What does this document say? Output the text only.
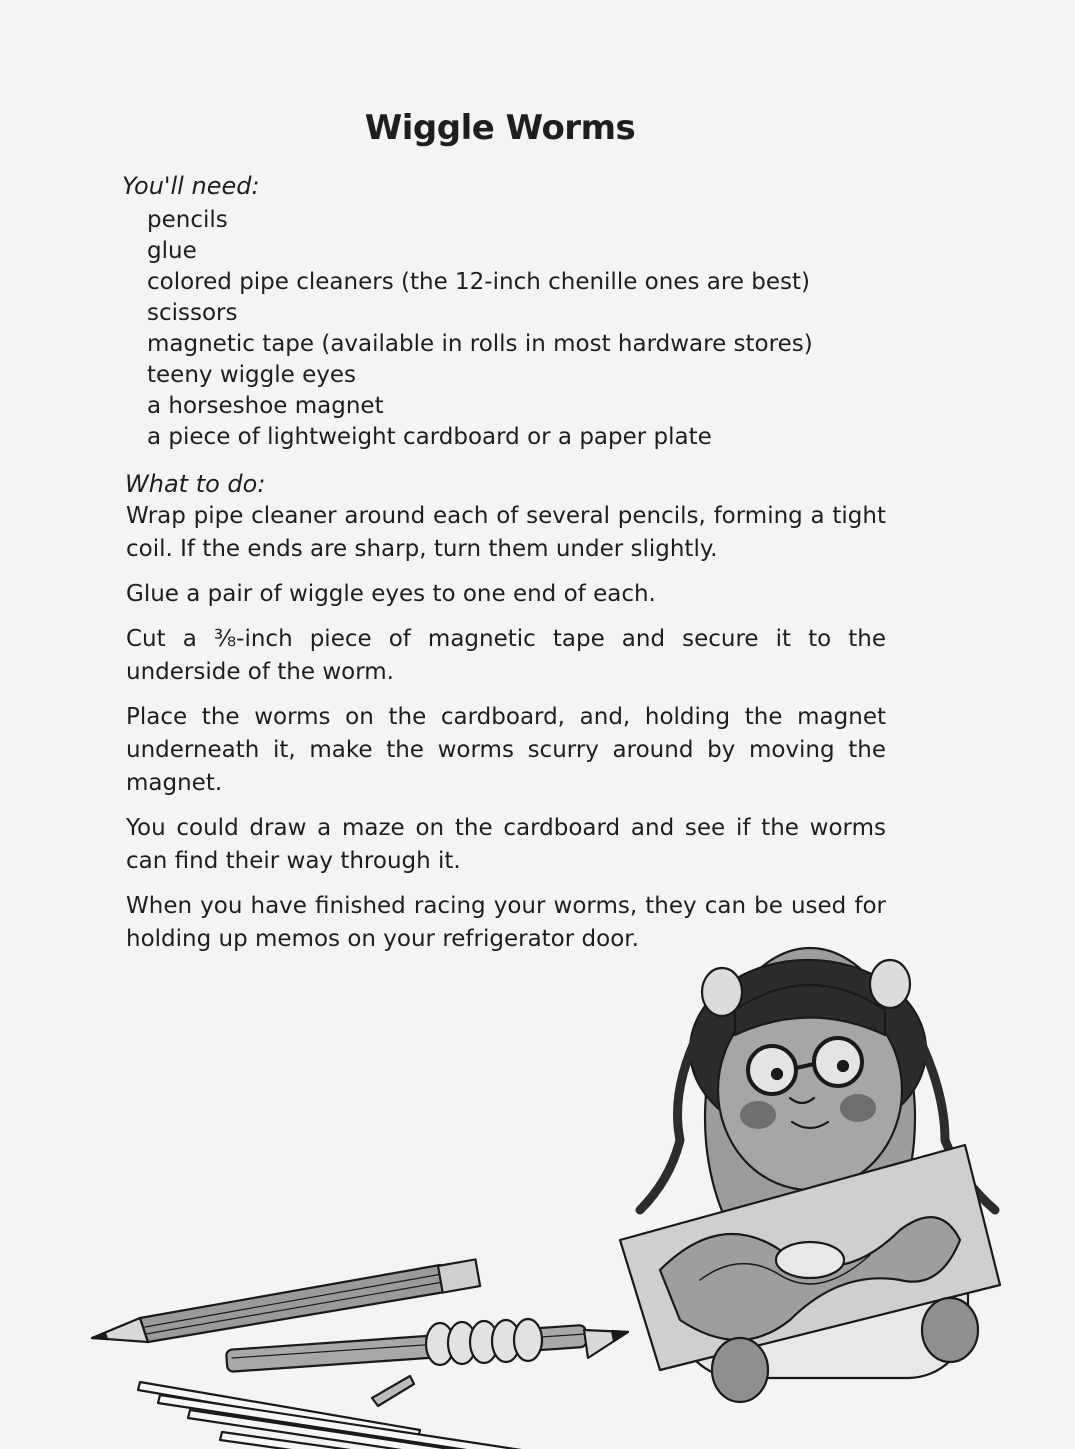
Wiggle Worms
You'll need:
pencils
glue
colored pipe cleaners (the 12-inch chenille ones are best)
scissors
magnetic tape (available in rolls in most hardware stores)
teeny wiggle eyes
a horseshoe magnet
a piece of lightweight cardboard or a paper plate
What to do:

Wrap pipe cleaner around each of several pencils, forming a tight coil. If the ends are sharp, turn them under slightly.

Glue a pair of wiggle eyes to one end of each.

Cut a ⅜-inch piece of magnetic tape and secure it to the underside of the worm.

Place the worms on the cardboard, and, holding the magnet underneath it, make the worms scurry around by moving the magnet.

You could draw a maze on the cardboard and see if the worms can find their way through it.

When you have finished racing your worms, they can be used for holding up memos on your refrigerator door.
